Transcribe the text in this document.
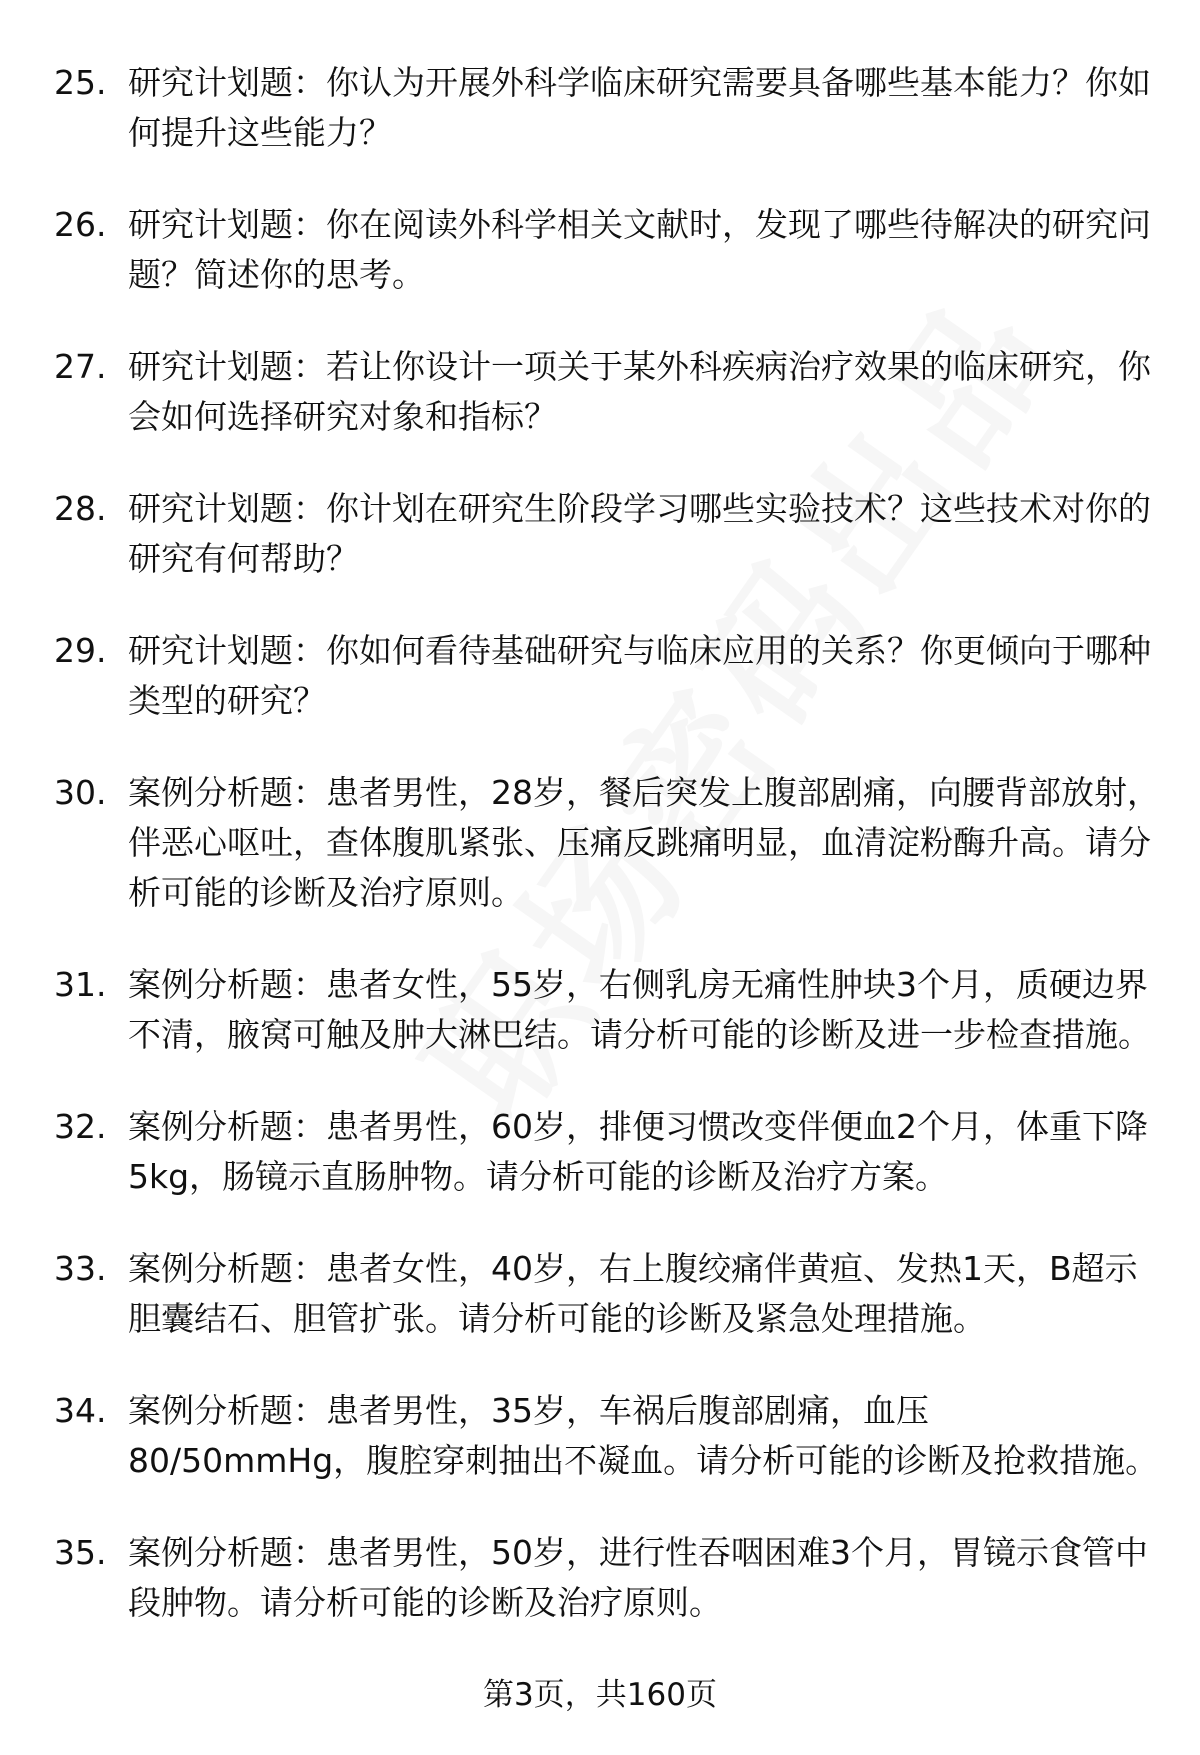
25. 研究计划题：你认为开展外科学临床研究需要具备哪些基本能力？你如何提升这些能力？
26. 研究计划题：你在阅读外科学相关文献时，发现了哪些待解决的研究问题？简述你的思考。
27. 研究计划题：若让你设计一项关于某外科疾病治疗效果的临床研究，你会如何选择研究对象和指标？
28. 研究计划题：你计划在研究生阶段学习哪些实验技术？这些技术对你的研究有何帮助？
29. 研究计划题：你如何看待基础研究与临床应用的关系？你更倾向于哪种类型的研究？
30. 案例分析题：患者男性，28岁，餐后突发上腹部剧痛，向腰背部放射，伴恶心呕吐，查体腹肌紧张、压痛反跳痛明显，血清淀粉酶升高。请分析可能的诊断及治疗原则。
31. 案例分析题：患者女性，55岁，右侧乳房无痛性肿块3个月，质硬边界不清，腋窝可触及肿大淋巴结。请分析可能的诊断及进一步检查措施。
32. 案例分析题：患者男性，60岁，排便习惯改变伴便血2个月，体重下降5kg，肠镜示直肠肿物。请分析可能的诊断及治疗方案。
33. 案例分析题：患者女性，40岁，右上腹绞痛伴黄疸、发热1天，B超示胆囊结石、胆管扩张。请分析可能的诊断及紧急处理措施。
34. 案例分析题：患者男性，35岁，车祸后腹部剧痛，血压80/50mmHg，腹腔穿刺抽出不凝血。请分析可能的诊断及抢救措施。
35. 案例分析题：患者男性，50岁，进行性吞咽困难3个月，胃镜示食管中段肿物。请分析可能的诊断及治疗原则。
第3页，共160页
